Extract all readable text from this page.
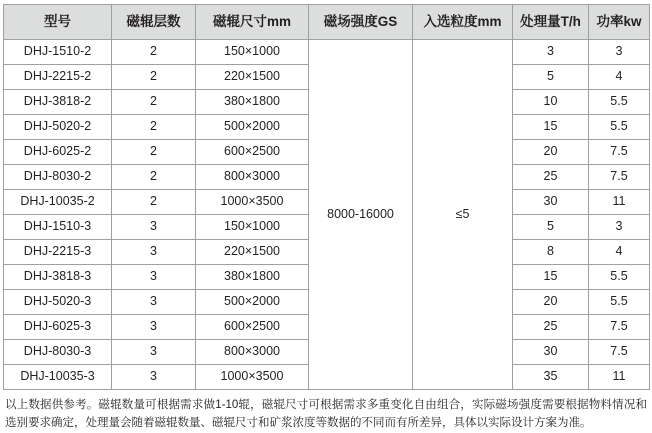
型号	磁辊层数	磁辊尺寸mm	磁场强度GS	入选粒度mm	处理量T/h	功率kw
DHJ-1510-2	2	150×1000	8000-16000	≤5	3	3
DHJ-2215-2	2	220×1500			5	4
DHJ-3818-2	2	380×1800			10	5.5
DHJ-5020-2	2	500×2000			15	5.5
DHJ-6025-2	2	600×2500			20	7.5
DHJ-8030-2	2	800×3000			25	7.5
DHJ-10035-2	2	1000×3500			30	11
DHJ-1510-3	3	150×1000			5	3
DHJ-2215-3	3	220×1500			8	4
DHJ-3818-3	3	380×1800			15	5.5
DHJ-5020-3	3	500×2000			20	5.5
DHJ-6025-3	3	600×2500			25	7.5
DHJ-8030-3	3	800×3000			30	7.5
DHJ-10035-3	3	1000×3500			35	11
以上数据供参考。磁辊数量可根据需求做1-10辊，磁辊尺寸可根据需求多重变化自由组合，实际磁场强度需要根据物料情况和选别要求确定，处理量会随着磁辊数量、磁辊尺寸和矿浆浓度等数据的不同而有所差异，具体以实际设计方案为准。
